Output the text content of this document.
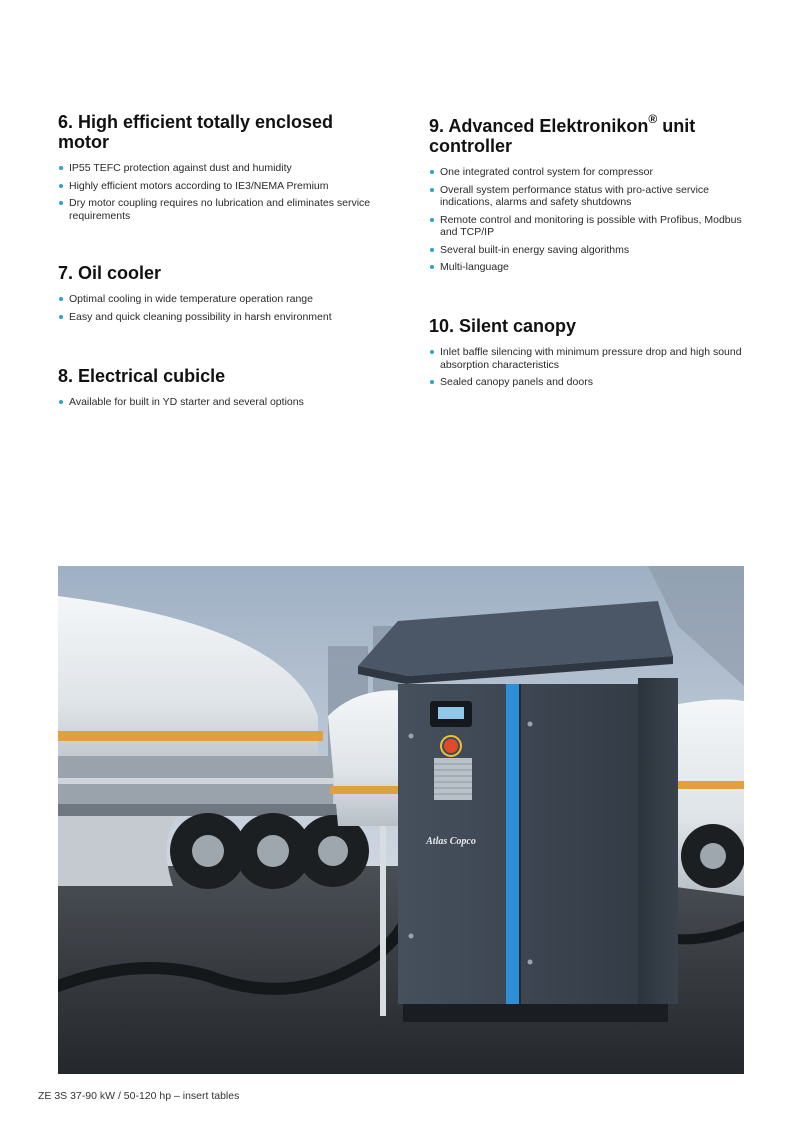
6. High efficient totally enclosed motor
IP55 TEFC protection against dust and humidity
Highly efficient motors according to IE3/NEMA Premium
Dry motor coupling requires no lubrication and eliminates service requirements
7. Oil cooler
Optimal cooling in wide temperature operation range
Easy and quick cleaning possibility in harsh environment
8. Electrical cubicle
Available for built in YD starter and several options
9. Advanced Elektronikon® unit controller
One integrated control system for compressor
Overall system performance status with pro-active service indications, alarms and safety shutdowns
Remote control and monitoring is possible with Profibus, Modbus and TCP/IP
Several built-in energy saving algorithms
Multi-language
10. Silent canopy
Inlet baffle silencing with minimum pressure drop and high sound absorption characteristics
Sealed canopy panels and doors
Atlas Copco
ZE 3S 37-90 kW / 50-120 hp – insert tables
